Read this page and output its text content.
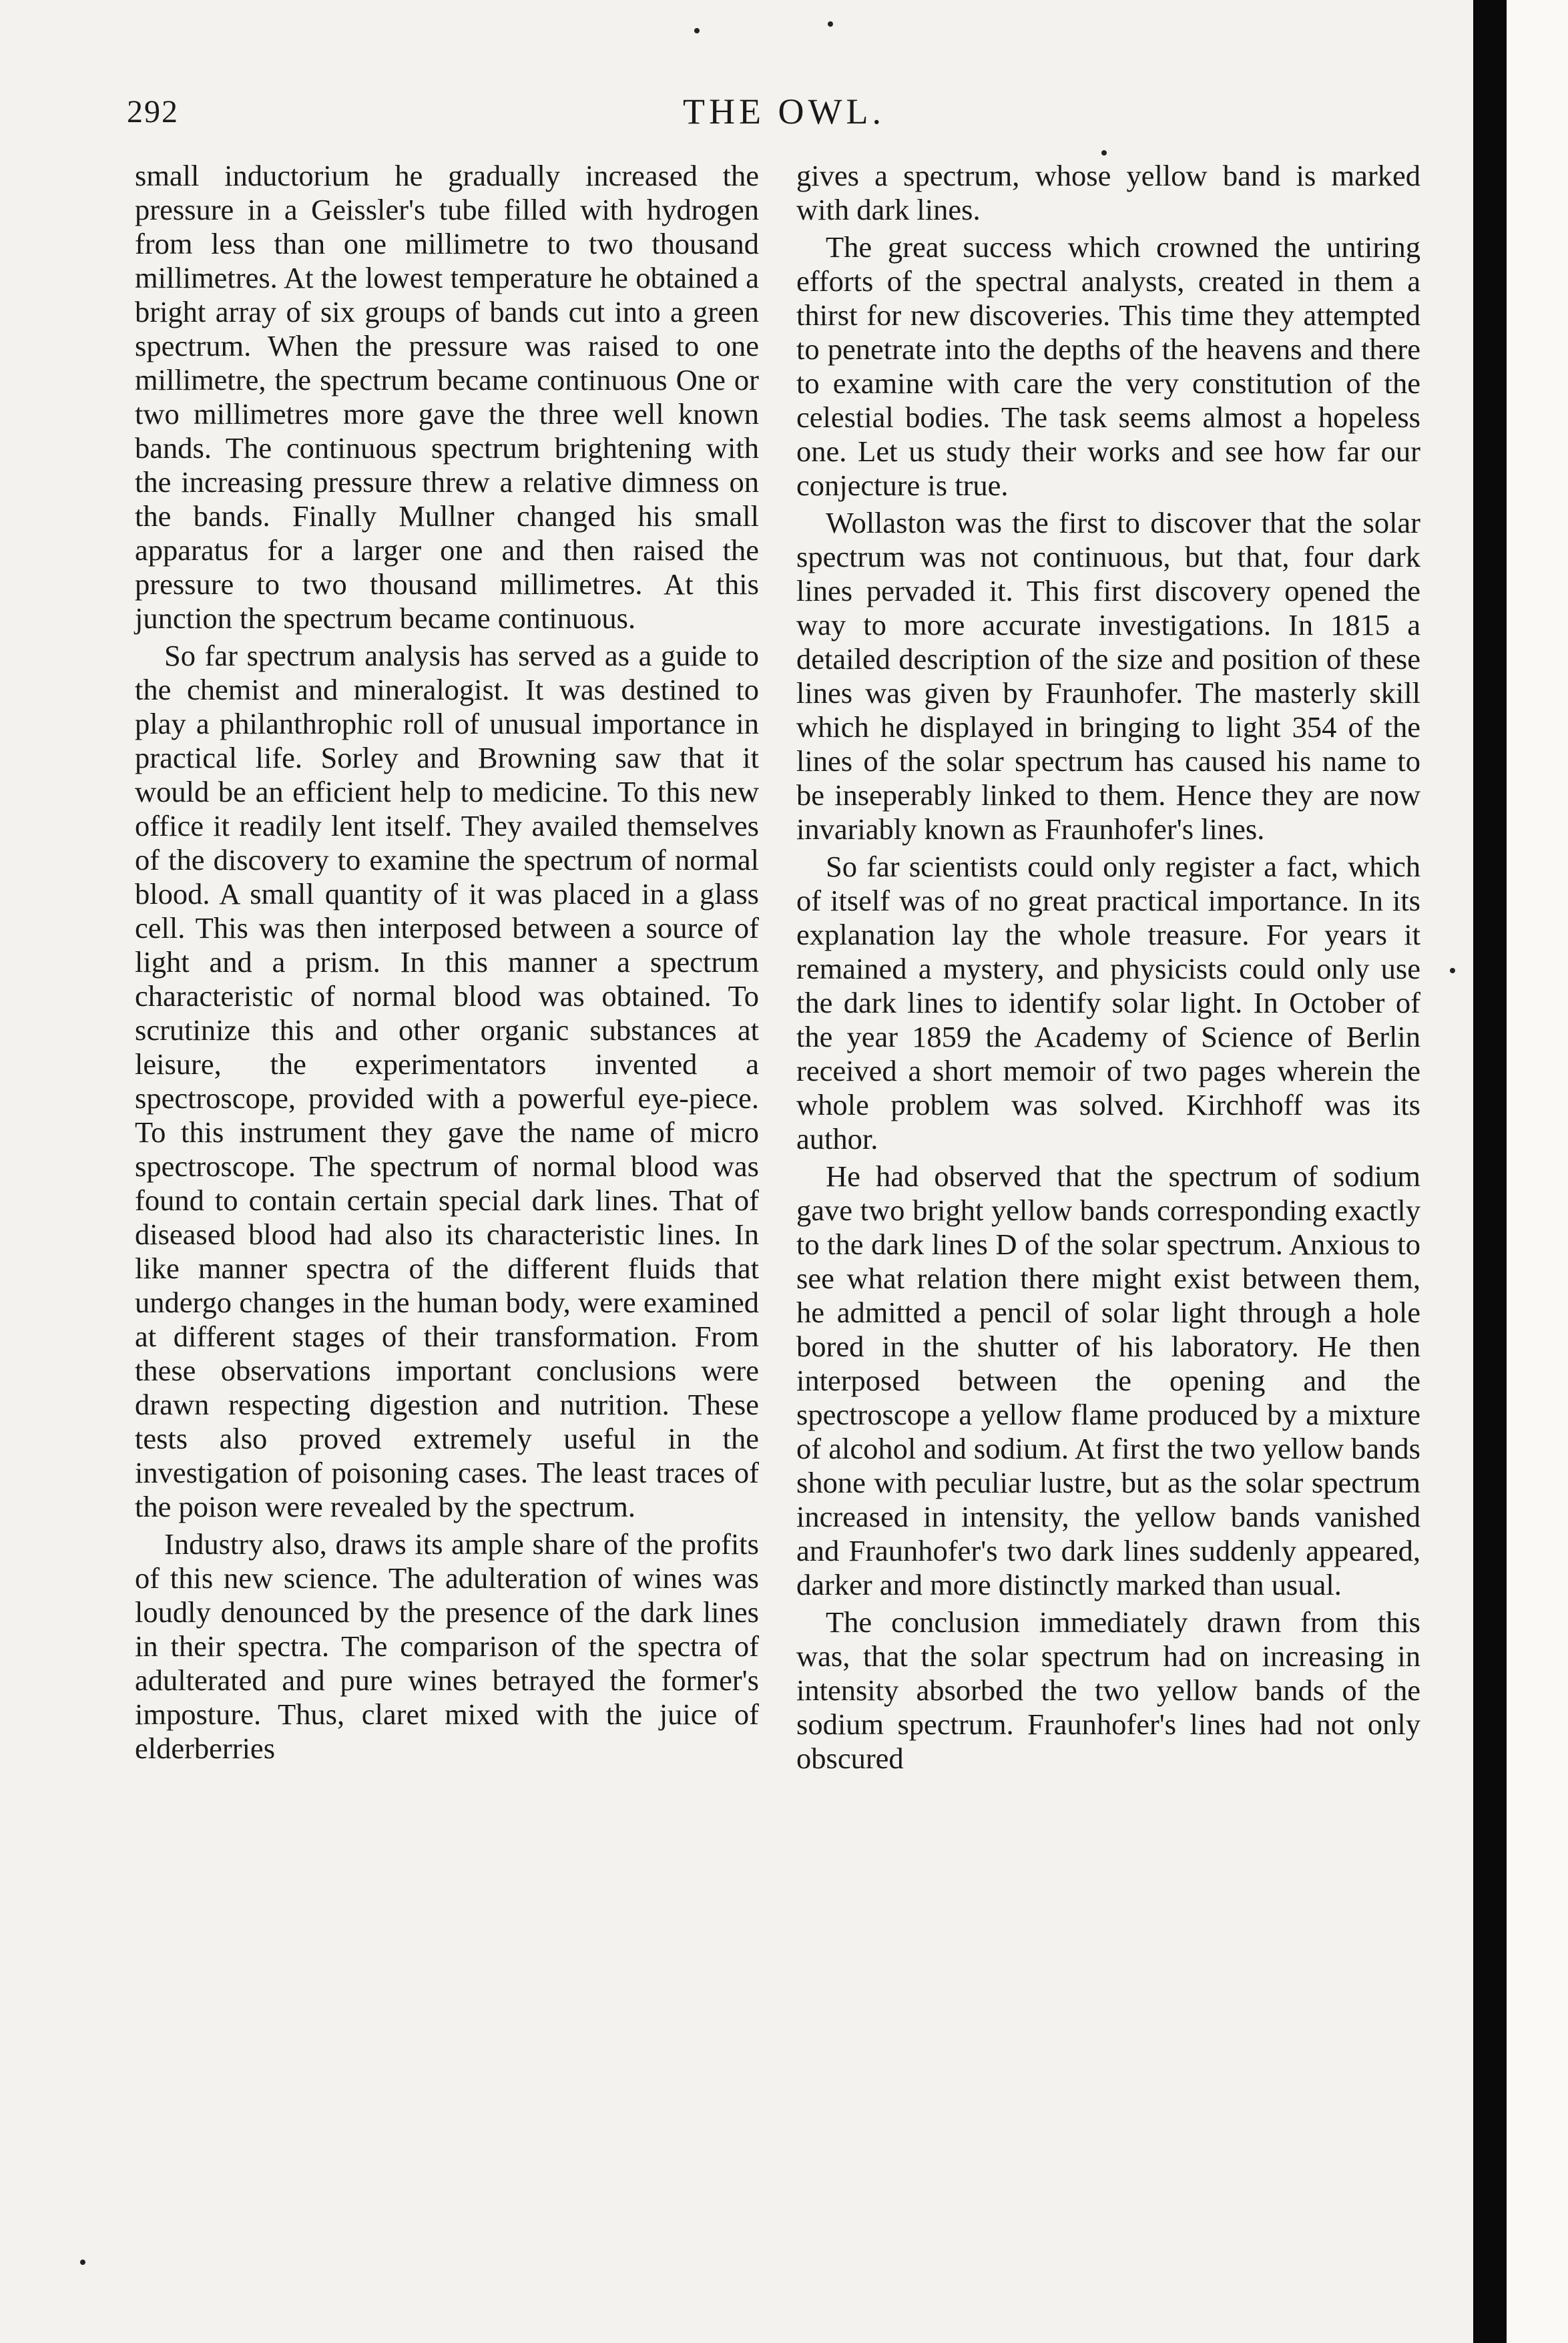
292	THE OWL.

small inductorium he gradually increased the pressure in a Geissler's tube filled with hydrogen from less than one millimetre to two thousand millimetres. At the lowest temperature he obtained a bright array of six groups of bands cut into a green spectrum. When the pressure was raised to one millimetre, the spectrum became continuous One or two millimetres more gave the three well known bands. The continuous spectrum brightening with the increasing pressure threw a relative dimness on the bands. Finally Mullner changed his small apparatus for a larger one and then raised the pressure to two thousand millimetres. At this junction the spectrum became continuous.

So far spectrum analysis has served as a guide to the chemist and mineralogist. It was destined to play a philanthrophic roll of unusual importance in practical life. Sorley and Browning saw that it would be an efficient help to medicine. To this new office it readily lent itself. They availed themselves of the discovery to examine the spectrum of normal blood. A small quantity of it was placed in a glass cell. This was then interposed between a source of light and a prism. In this manner a spectrum characteristic of normal blood was obtained. To scrutinize this and other organic substances at leisure, the experimentators invented a spectroscope, provided with a powerful eye-piece. To this instrument they gave the name of micro spectroscope. The spectrum of normal blood was found to contain certain special dark lines. That of diseased blood had also its characteristic lines. In like manner spectra of the different fluids that undergo changes in the human body, were examined at different stages of their transformation. From these observations important conclusions were drawn respecting digestion and nutrition. These tests also proved extremely useful in the investigation of poisoning cases. The least traces of the poison were revealed by the spectrum.

Industry also, draws its ample share of the profits of this new science. The adulteration of wines was loudly denounced by the presence of the dark lines in their spectra. The comparison of the spectra of adulterated and pure wines betrayed the former's imposture. Thus, claret mixed with the juice of elderberries

gives a spectrum, whose yellow band is marked with dark lines.

The great success which crowned the untiring efforts of the spectral analysts, created in them a thirst for new discoveries. This time they attempted to penetrate into the depths of the heavens and there to examine with care the very constitution of the celestial bodies. The task seems almost a hopeless one. Let us study their works and see how far our conjecture is true.

Wollaston was the first to discover that the solar spectrum was not continuous, but that, four dark lines pervaded it. This first discovery opened the way to more accurate investigations. In 1815 a detailed description of the size and position of these lines was given by Fraunhofer. The masterly skill which he displayed in bringing to light 354 of the lines of the solar spectrum has caused his name to be inseperably linked to them. Hence they are now invariably known as Fraunhofer's lines.

So far scientists could only register a fact, which of itself was of no great practical importance. In its explanation lay the whole treasure. For years it remained a mystery, and physicists could only use the dark lines to identify solar light. In October of the year 1859 the Academy of Science of Berlin received a short memoir of two pages wherein the whole problem was solved. Kirchhoff was its author.

He had observed that the spectrum of sodium gave two bright yellow bands corresponding exactly to the dark lines D of the solar spectrum. Anxious to see what relation there might exist between them, he admitted a pencil of solar light through a hole bored in the shutter of his laboratory. He then interposed between the opening and the spectroscope a yellow flame produced by a mixture of alcohol and sodium. At first the two yellow bands shone with peculiar lustre, but as the solar spectrum increased in intensity, the yellow bands vanished and Fraunhofer's two dark lines suddenly appeared, darker and more distinctly marked than usual.

The conclusion immediately drawn from this was, that the solar spectrum had on increasing in intensity absorbed the two yellow bands of the sodium spectrum. Fraunhofer's lines had not only obscured
